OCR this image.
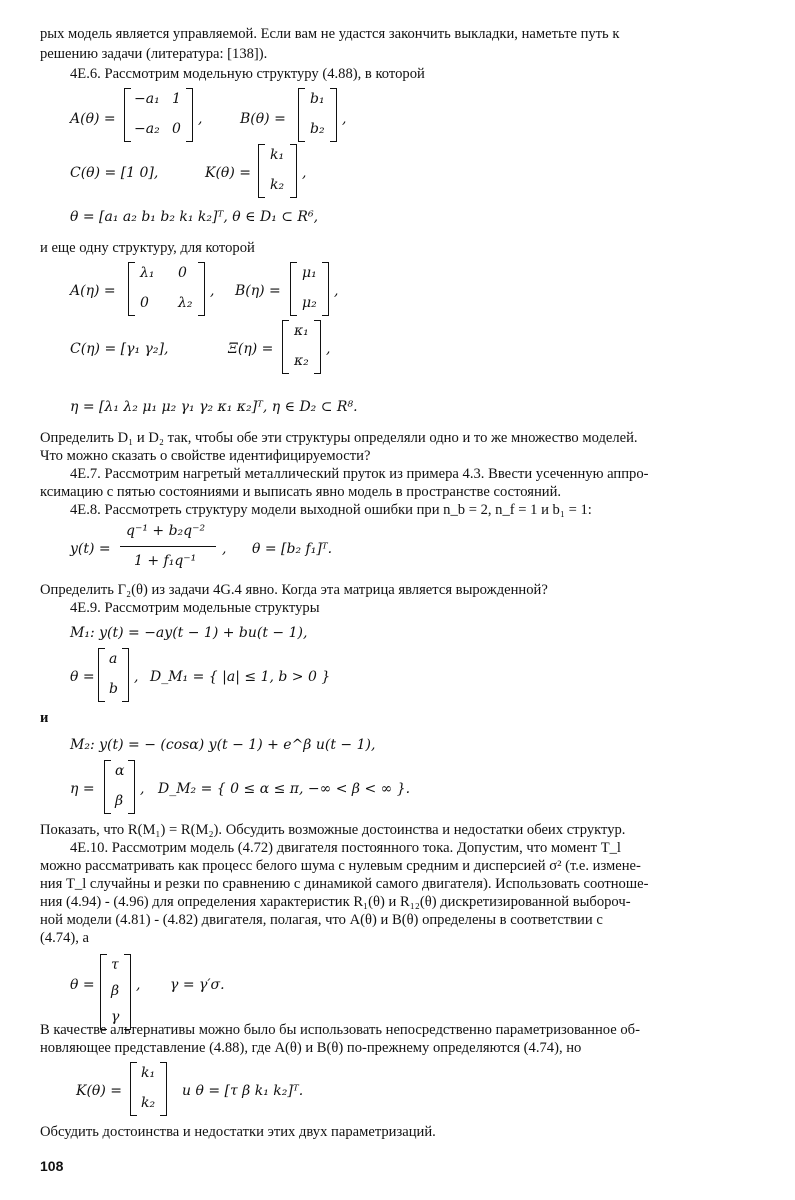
рых модель является управляемой. Если вам не удастся закончить выкладки, наметьте путь к
решению задачи (литература: [138]).
4E.6. Рассмотрим модельную структуру (4.88), в которой
A(θ) =
−a₁ 1
−a₂ 0
,	B(θ) =
b₁
b₂
,
C(θ) = [1 0],	K(θ) =
k₁
k₂
,
θ = [a₁ a₂ b₁ b₂ k₁ k₂]ᵀ, θ ∈ D₁ ⊂ R⁶,
и еще одну структуру, для которой
A(η) =
λ₁ 0
0 λ₂
, B(η) =
μ₁
μ₂
,
C(η) = [γ₁ γ₂],	Ξ(η) =
κ₁
κ₂
,
η = [λ₁ λ₂ μ₁ μ₂ γ₁ γ₂ κ₁ κ₂]ᵀ, η ∈ D₂ ⊂ R⁸.
Определить D₁ и D₂ так, чтобы обе эти структуры определяли одно и то же множество моделей.
Что можно сказать о свойстве идентифицируемости?
4E.7. Рассмотрим нагретый металлический пруток из примера 4.3. Ввести усеченную аппро-
ксимацию с пятью состояниями и выписать явно модель в пространстве состояний.
4E.8. Рассмотреть структуру модели выходной ошибки при n_b = 2, n_f = 1 и b₁ = 1:
y(t) =
q⁻¹ + b₂q⁻²
1 + f₁q⁻¹
, θ = [b₂ f₁]ᵀ.
Определить Γ₂(θ) из задачи 4G.4 явно. Когда эта матрица является вырожденной?
4E.9. Рассмотрим модельные структуры
M₁: y(t) = −ay(t − 1) + bu(t − 1),
θ =
a
b
, D_M₁ = { |a| ≤ 1, b > 0 }
и
M₂: y(t) = − (cosα) y(t − 1) + e^β u(t − 1),
η =
α
β
, D_M₂ = { 0 ≤ α ≤ π, −∞ < β < ∞ }.
Показать, что R(M₁) = R(M₂). Обсудить возможные достоинства и недостатки обеих структур.
4E.10. Рассмотрим модель (4.72) двигателя постоянного тока. Допустим, что момент T_l
можно рассматривать как процесс белого шума с нулевым средним и дисперсией σ² (т.е. измене-
ния T_l случайны и резки по сравнению с динамикой самого двигателя). Использовать соотноше-
ния (4.94) - (4.96) для определения характеристик R₁(θ) и R₁₂(θ) дискретизированной выбороч-
ной модели (4.81) - (4.82) двигателя, полагая, что A(θ) и B(θ) определены в соответствии с
(4.74), а
θ =
τ
β
γ
, γ = γ′σ.
В качестве альтернативы можно было бы использовать непосредственно параметризованное об-
новляющее представление (4.88), где A(θ) и B(θ) по-прежнему определяются (4.74), но
K(θ) =
k₁
k₂
и θ = [τ β k₁ k₂]ᵀ.
Обсудить достоинства и недостатки этих двух параметризаций.
108
